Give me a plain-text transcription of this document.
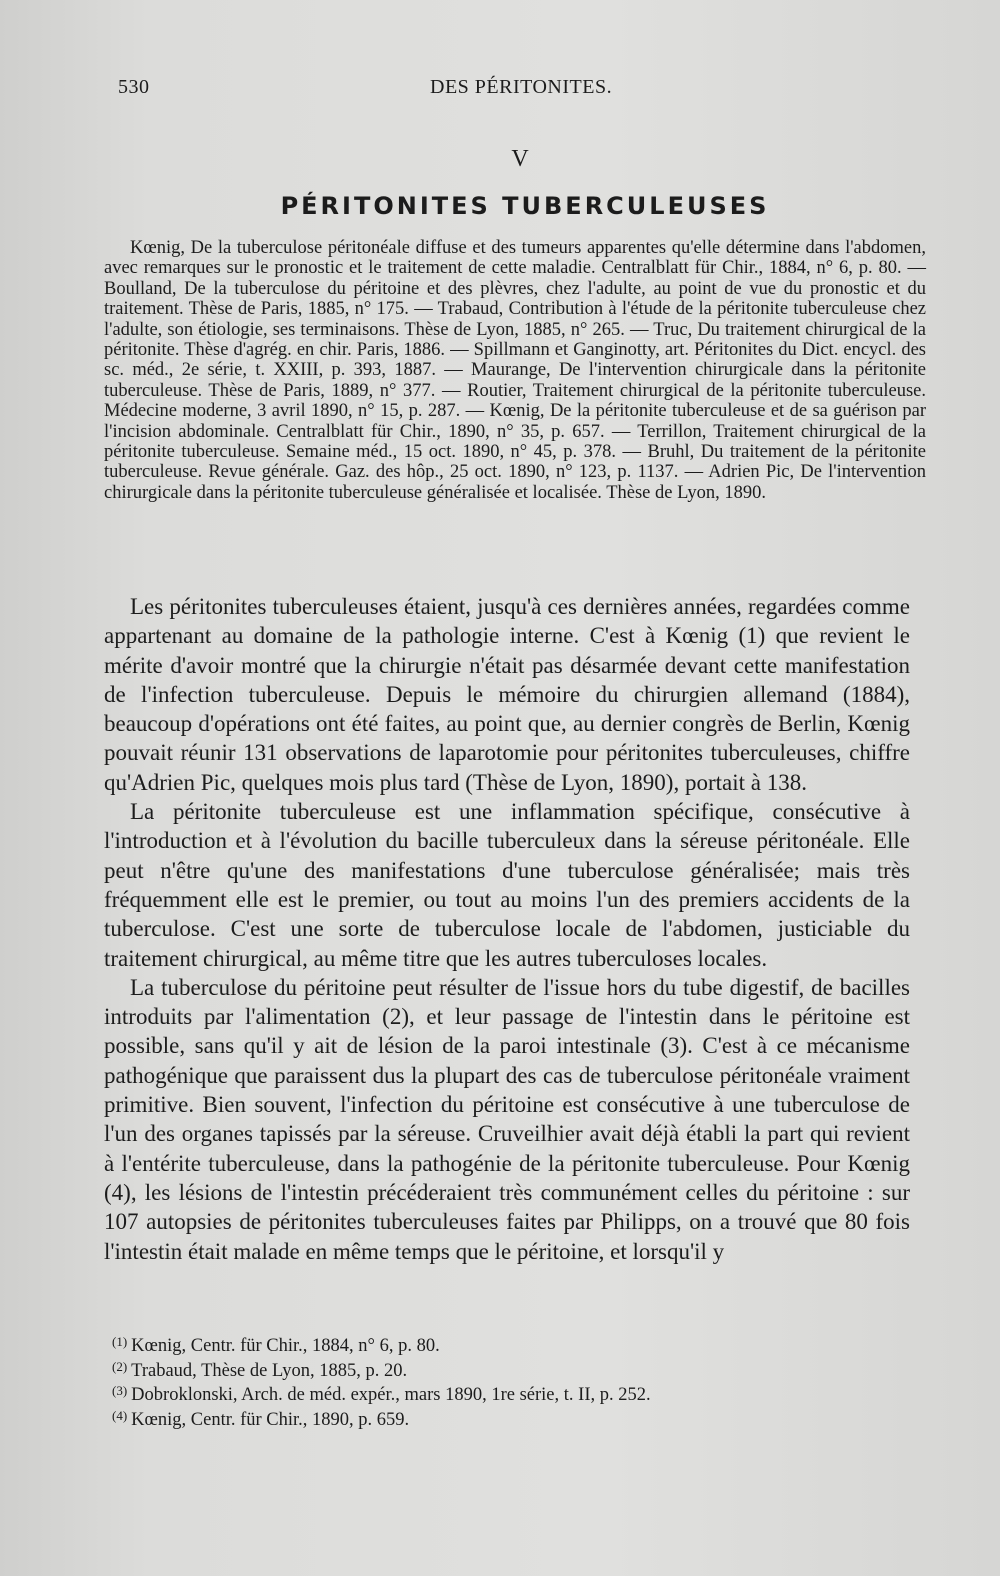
530	DES PÉRITONITES.
V
PÉRITONITES TUBERCULEUSES

Kœnig, De la tuberculose péritonéale diffuse et des tumeurs apparentes qu'elle détermine dans l'abdomen, avec remarques sur le pronostic et le traitement de cette maladie. Centralblatt für Chir., 1884, n° 6, p. 80. — Boulland, De la tuberculose du péritoine et des plèvres, chez l'adulte, au point de vue du pronostic et du traitement. Thèse de Paris, 1885, n° 175. — Trabaud, Contribution à l'étude de la péritonite tuberculeuse chez l'adulte, son étiologie, ses terminaisons. Thèse de Lyon, 1885, n° 265. — Truc, Du traitement chirurgical de la péritonite. Thèse d'agrég. en chir. Paris, 1886. — Spillmann et Ganginotty, art. Péritonites du Dict. encycl. des sc. méd., 2e série, t. XXIII, p. 393, 1887. — Maurange, De l'intervention chirurgicale dans la péritonite tuberculeuse. Thèse de Paris, 1889, n° 377. — Routier, Traitement chirurgical de la péritonite tuberculeuse. Médecine moderne, 3 avril 1890, n° 15, p. 287. — Kœnig, De la péritonite tuberculeuse et de sa guérison par l'incision abdominale. Centralblatt für Chir., 1890, n° 35, p. 657. — Terrillon, Traitement chirurgical de la péritonite tuberculeuse. Semaine méd., 15 oct. 1890, n° 45, p. 378. — Bruhl, Du traitement de la péritonite tuberculeuse. Revue générale. Gaz. des hôp., 25 oct. 1890, n° 123, p. 1137. — Adrien Pic, De l'intervention chirurgicale dans la péritonite tuberculeuse généralisée et localisée. Thèse de Lyon, 1890.

Les péritonites tuberculeuses étaient, jusqu'à ces dernières années, regardées comme appartenant au domaine de la pathologie interne. C'est à Kœnig (1) que revient le mérite d'avoir montré que la chirurgie n'était pas désarmée devant cette manifestation de l'infection tuberculeuse. Depuis le mémoire du chirurgien allemand (1884), beaucoup d'opérations ont été faites, au point que, au dernier congrès de Berlin, Kœnig pouvait réunir 131 observations de laparotomie pour péritonites tuberculeuses, chiffre qu'Adrien Pic, quelques mois plus tard (Thèse de Lyon, 1890), portait à 138.

La péritonite tuberculeuse est une inflammation spécifique, consécutive à l'introduction et à l'évolution du bacille tuberculeux dans la séreuse péritonéale. Elle peut n'être qu'une des manifestations d'une tuberculose généralisée; mais très fréquemment elle est le premier, ou tout au moins l'un des premiers accidents de la tuberculose. C'est une sorte de tuberculose locale de l'abdomen, justiciable du traitement chirurgical, au même titre que les autres tuberculoses locales.

La tuberculose du péritoine peut résulter de l'issue hors du tube digestif, de bacilles introduits par l'alimentation (2), et leur passage de l'intestin dans le péritoine est possible, sans qu'il y ait de lésion de la paroi intestinale (3). C'est à ce mécanisme pathogénique que paraissent dus la plupart des cas de tuberculose péritonéale vraiment primitive. Bien souvent, l'infection du péritoine est consécutive à une tuberculose de l'un des organes tapissés par la séreuse. Cruveilhier avait déjà établi la part qui revient à l'entérite tuberculeuse, dans la pathogénie de la péritonite tuberculeuse. Pour Kœnig (4), les lésions de l'intestin précéderaient très communément celles du péritoine : sur 107 autopsies de péritonites tuberculeuses faites par Philipps, on a trouvé que 80 fois l'intestin était malade en même temps que le péritoine, et lorsqu'il y

$^{(1)}$ Kœnig, Centr. für Chir., 1884, n° 6, p. 80.
$^{(2)}$ Trabaud, Thèse de Lyon, 1885, p. 20.
$^{(3)}$ Dobroklonski, Arch. de méd. expér., mars 1890, 1re série, t. II, p. 252.
$^{(4)}$ Kœnig, Centr. für Chir., 1890, p. 659.
